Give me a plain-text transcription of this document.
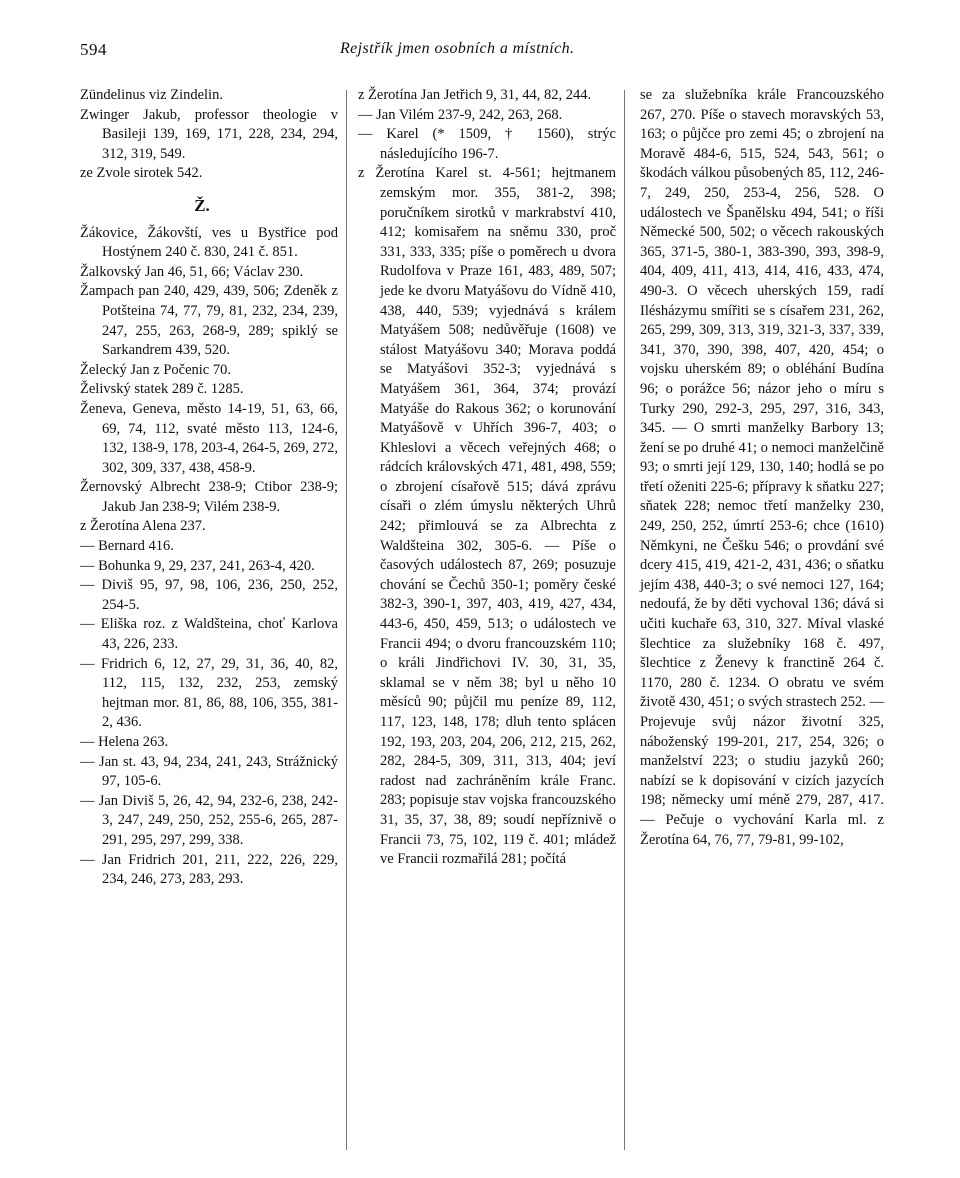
594	Rejstřík jmen osobních a místních.

Zündelinus viz Zindelin.

Zwinger Jakub, professor theologie v Basileji 139, 169, 171, 228, 234, 294, 312, 319, 549.

ze Zvole sirotek 542.

Ž.

Žákovice, Žákovští, ves u Bystřice pod Hostýnem 240 č. 830, 241 č. 851.

Žalkovský Jan 46, 51, 66; Václav 230.

Žampach pan 240, 429, 439, 506; Zdeněk z Potšteina 74, 77, 79, 81, 232, 234, 239, 247, 255, 263, 268-9, 289; spiklý se Sarkandrem 439, 520.

Želecký Jan z Počenic 70.

Želivský statek 289 č. 1285.

Ženeva, Geneva, město 14-19, 51, 63, 66, 69, 74, 112, svaté město 113, 124-6, 132, 138-9, 178, 203-4, 264-5, 269, 272, 302, 309, 337, 438, 458-9.

Žernovský Albrecht 238-9; Ctibor 238-9; Jakub Jan 238-9; Vilém 238-9.

z Žerotína Alena 237.

— Bernard 416.

— Bohunka 9, 29, 237, 241, 263-4, 420.

— Diviš 95, 97, 98, 106, 236, 250, 252, 254-5.

— Eliška roz. z Waldšteina, choť Karlova 43, 226, 233.

— Fridrich 6, 12, 27, 29, 31, 36, 40, 82, 112, 115, 132, 232, 253, zemský hejtman mor. 81, 86, 88, 106, 355, 381-2, 436.

— Helena 263.

— Jan st. 43, 94, 234, 241, 243, Strážnický 97, 105-6.

— Jan Diviš 5, 26, 42, 94, 232-6, 238, 242-3, 247, 249, 250, 252, 255-6, 265, 287-291, 295, 297, 299, 338.

— Jan Fridrich 201, 211, 222, 226, 229, 234, 246, 273, 283, 293.

z Žerotína Jan Jetřich 9, 31, 44, 82, 244.

— Jan Vilém 237-9, 242, 263, 268.

— Karel (* 1509, † 1560), strýc následujícího 196-7.

z Žerotína Karel st. 4-561; hejtmanem zemským mor. 355, 381-2, 398; poručníkem sirotků v markrabství 410, 412; komisařem na sněmu 330, proč 331, 333, 335; píše o poměrech u dvora Rudolfova v Praze 161, 483, 489, 507; jede ke dvoru Matyášovu do Vídně 410, 438, 440, 539; vyjednává s králem Matyášem 508; nedůvěřuje (1608) ve stálost Matyášovu 340; Morava poddá se Matyášovi 352-3; vyjednává s Matyášem 361, 364, 374; provází Matyáše do Rakous 362; o korunování Matyášově v Uhřích 396-7, 403; o Khleslovi a věcech veřejných 468; o rádcích královských 471, 481, 498, 559; o zbrojení císařově 515; dává zprávu císaři o zlém úmyslu některých Uhrů 242; přimlouvá se za Albrechta z Waldšteina 302, 305-6. — Píše o časových událostech 87, 269; posuzuje chování se Čechů 350-1; poměry české 382-3, 390-1, 397, 403, 419, 427, 434, 443-6, 450, 459, 513; o událostech ve Francii 494; o dvoru francouzském 110; o králi Jindřichovi IV. 30, 31, 35, sklamal se v něm 38; byl u něho 10 měsíců 90; půjčil mu peníze 89, 112, 117, 123, 148, 178; dluh tento splácen 192, 193, 203, 204, 206, 212, 215, 262, 282, 284-5, 309, 311, 313, 404; jeví radost nad zachráněním krále Franc. 283; popisuje stav vojska francouzského 31, 35, 37, 38, 89; soudí nepříznivě o Francii 73, 75, 102, 119 č. 401; mládež ve Francii rozmařilá 281; počítá

se za služebníka krále Francouzského 267, 270. Píše o stavech moravských 53, 163; o půjčce pro zemi 45; o zbrojení na Moravě 484-6, 515, 524, 543, 561; o škodách válkou působených 85, 112, 246-7, 249, 250, 253-4, 256, 528. O událostech ve Španělsku 494, 541; o říši Německé 500, 502; o věcech rakouských 365, 371-5, 380-1, 383-390, 393, 398-9, 404, 409, 411, 413, 414, 416, 433, 474, 490-3. O věcech uherských 159, radí Ilésházymu smířiti se s císařem 231, 262, 265, 299, 309, 313, 319, 321-3, 337, 339, 341, 370, 390, 398, 407, 420, 454; o vojsku uherském 89; o obléhání Budína 96; o porážce 56; názor jeho o míru s Turky 290, 292-3, 295, 297, 316, 343, 345. — O smrti manželky Barbory 13; žení se po druhé 41; o nemoci manželčině 93; o smrti její 129, 130, 140; hodlá se po třetí oženiti 225-6; přípravy k sňatku 227; sňatek 228; nemoc třetí manželky 230, 249, 250, 252, úmrtí 253-6; chce (1610) Němkyni, ne Češku 546; o provdání své dcery 415, 419, 421-2, 431, 436; o sňatku jejím 438, 440-3; o své nemoci 127, 164; nedoufá, že by děti vychoval 136; dává si učiti kuchaře 63, 310, 327. Míval vlaské šlechtice za služebníky 168 č. 497, šlechtice z Ženevy k franctině 264 č. 1170, 280 č. 1234. O obratu ve svém životě 430, 451; o svých strastech 252. — Projevuje svůj názor životní 325, náboženský 199-201, 217, 254, 326; o manželství 223; o studiu jazyků 260; nabízí se k dopisování v cizích jazycích 198; německy umí méně 279, 287, 417. — Pečuje o vychování Karla ml. z Žerotína 64, 76, 77, 79-81, 99-102,
